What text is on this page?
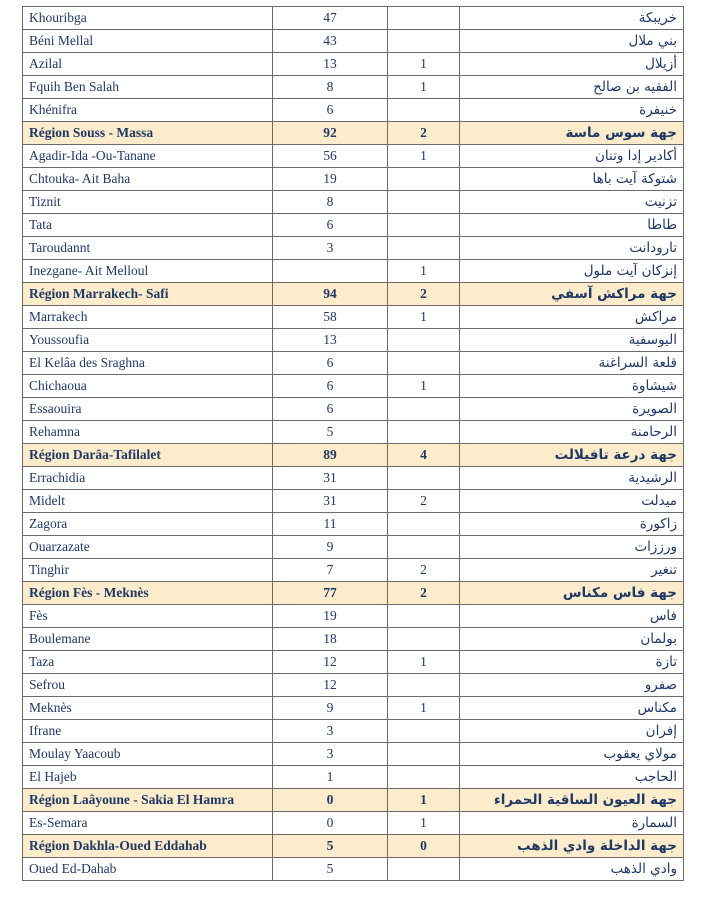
Khouribga	47		خريبكة
Béni Mellal	43		بني ملال
Azilal	13	1	أزيلال
Fquih Ben Salah	8	1	الفقيه بن صالح
Khénifra	6		خنيفرة
Région Souss - Massa	92	2	جهة سوس ماسة
Agadir-Ida -Ou-Tanane	56	1	أكادير إدا وتنان
Chtouka- Ait Baha	19		شتوكة آيت باها
Tiznit	8		تزنيت
Tata	6		طاطا
Taroudannt	3		تارودانت
Inezgane- Ait Melloul		1	إنزكان آيت ملول
Région Marrakech- Safi	94	2	جهة مراكش آسفي
Marrakech	58	1	مراكش
Youssoufia	13		اليوسفية
El Kelâa des Sraghna	6		قلعة السراغنة
Chichaoua	6	1	شيشاوة
Essaouira	6		الصويرة
Rehamna	5		الرحامنة
Région Darâa-Tafilalet	89	4	جهة درعة تافيلالت
Errachidia	31		الرشيدية
Midelt	31	2	ميدلت
Zagora	11		زاكورة
Ouarzazate	9		ورززات
Tinghir	7	2	تنغير
Région Fès - Meknès	77	2	جهة فاس مكناس
Fès	19		فاس
Boulemane	18		بولمان
Taza	12	1	تازة
Sefrou	12		صفرو
Meknès	9	1	مكناس
Ifrane	3		إفران
Moulay Yaacoub	3		مولاي يعقوب
El Hajeb	1		الحاجب
Région Laâyoune - Sakia El Hamra	0	1	جهة العيون الساقية الحمراء
Es-Semara	0	1	السمارة
Région Dakhla-Oued Eddahab	5	0	جهة الداخلة وادي الذهب
Oued Ed-Dahab	5		وادي الذهب
